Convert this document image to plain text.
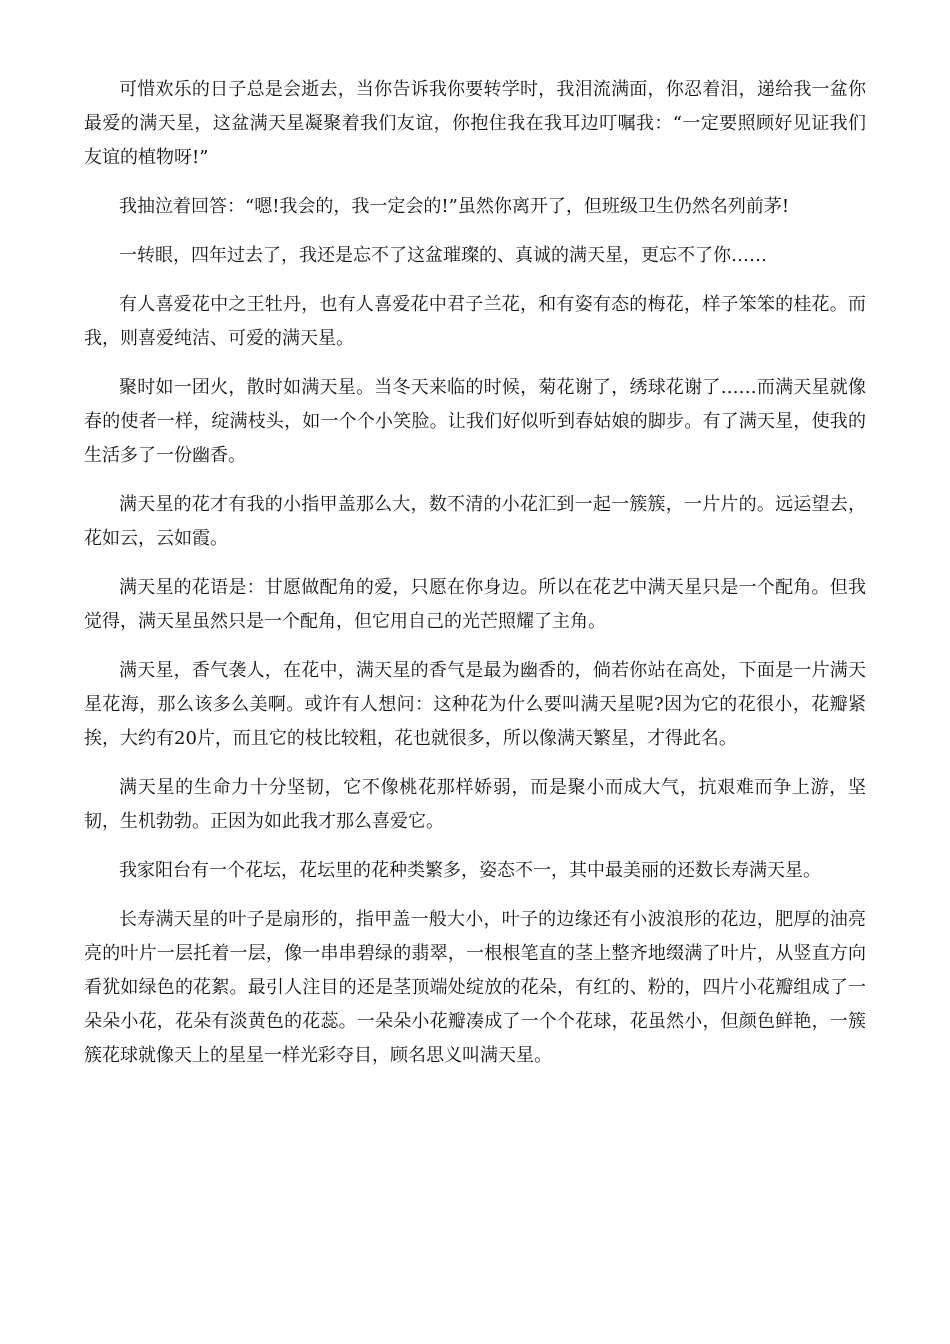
可惜欢乐的日子总是会逝去，当你告诉我你要转学时，我泪流满面，你忍着泪，递给我一盆你最爱的满天星，这盆满天星凝聚着我们友谊，你抱住我在我耳边叮嘱我：“一定要照顾好见证我们友谊的植物呀!”

我抽泣着回答：“嗯!我会的，我一定会的!”虽然你离开了，但班级卫生仍然名列前茅!

一转眼，四年过去了，我还是忘不了这盆璀璨的、真诚的满天星，更忘不了你……

有人喜爱花中之王牡丹，也有人喜爱花中君子兰花，和有姿有态的梅花，样子笨笨的桂花。而我，则喜爱纯洁、可爱的满天星。

聚时如一团火，散时如满天星。当冬天来临的时候，菊花谢了，绣球花谢了……而满天星就像春的使者一样，绽满枝头，如一个个小笑脸。让我们好似听到春姑娘的脚步。有了满天星，使我的生活多了一份幽香。

满天星的花才有我的小指甲盖那么大，数不清的小花汇到一起一簇簇，一片片的。远运望去，花如云，云如霞。

满天星的花语是：甘愿做配角的爱，只愿在你身边。所以在花艺中满天星只是一个配角。但我觉得，满天星虽然只是一个配角，但它用自己的光芒照耀了主角。

满天星，香气袭人，在花中，满天星的香气是最为幽香的，倘若你站在高处，下面是一片满天星花海，那么该多么美啊。或许有人想问：这种花为什么要叫满天星呢?因为它的花很小，花瓣紧挨，大约有20片，而且它的枝比较粗，花也就很多，所以像满天繁星，才得此名。

满天星的生命力十分坚韧，它不像桃花那样娇弱，而是聚小而成大气，抗艰难而争上游，坚韧，生机勃勃。正因为如此我才那么喜爱它。

我家阳台有一个花坛，花坛里的花种类繁多，姿态不一，其中最美丽的还数长寿满天星。

长寿满天星的叶子是扇形的，指甲盖一般大小，叶子的边缘还有小波浪形的花边，肥厚的油亮亮的叶片一层托着一层，像一串串碧绿的翡翠，一根根笔直的茎上整齐地缀满了叶片，从竖直方向看犹如绿色的花絮。最引人注目的还是茎顶端处绽放的花朵，有红的、粉的，四片小花瓣组成了一朵朵小花，花朵有淡黄色的花蕊。一朵朵小花瓣凑成了一个个花球，花虽然小，但颜色鲜艳，一簇簇花球就像天上的星星一样光彩夺目，顾名思义叫满天星。
